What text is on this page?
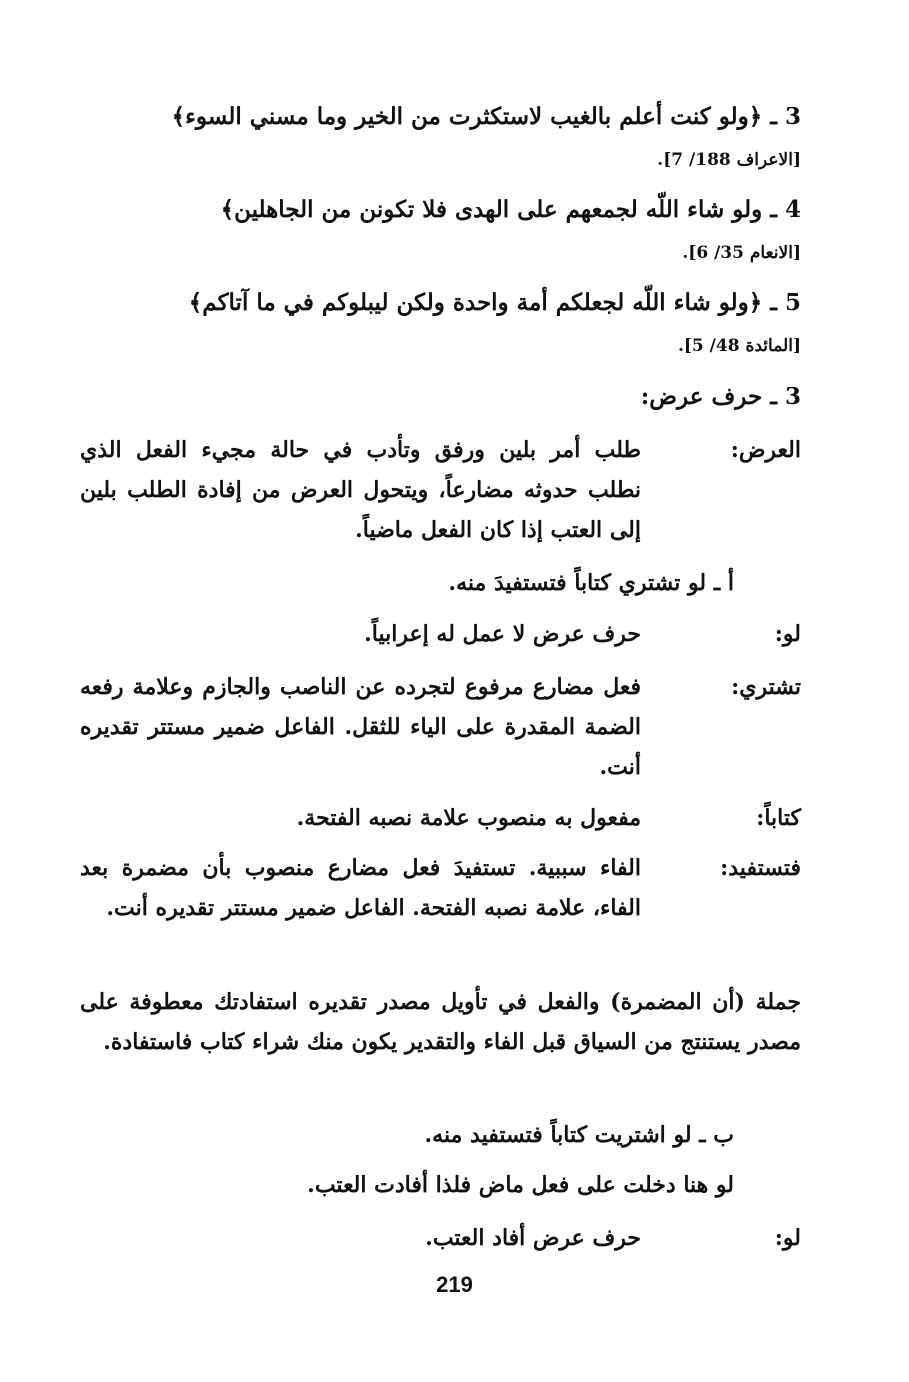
3 ـ ﴿ولو كنت أعلم بالغيب لاستكثرت من الخير وما مسني السوء﴾
[الاعراف 188/ 7].
4 ـ ولو شاء اللّه لجمعهم على الهدى فلا تكونن من الجاهلين﴾
[الانعام 35/ 6].
5 ـ ﴿ولو شاء اللّه لجعلكم أمة واحدة ولكن ليبلوكم في ما آتاكم﴾
[المائدة 48/ 5].
3 ـ حرف عرض:
العرض:
طلب أمر بلين ورفق وتأدب في حالة مجيء الفعل الذي نطلب حدوثه مضارعاً، ويتحول العرض من إفادة الطلب بلين إلى العتب إذا كان الفعل ماضياً.
أ ـ لو تشتري كتاباً فتستفيدَ منه.
لو:
حرف عرض لا عمل له إعرابياً.
تشتري:
فعل مضارع مرفوع لتجرده عن الناصب والجازم وعلامة رفعه الضمة المقدرة على الياء للثقل. الفاعل ضمير مستتر تقديره أنت.
كتاباً:
مفعول به منصوب علامة نصبه الفتحة.
فتستفيد:
الفاء سببية. تستفيدَ فعل مضارع منصوب بأن مضمرة بعد الفاء، علامة نصبه الفتحة. الفاعل ضمير مستتر تقديره أنت.
جملة (أن المضمرة) والفعل في تأويل مصدر تقديره استفادتك معطوفة على مصدر يستنتج من السياق قبل الفاء والتقدير يكون منك شراء كتاب فاستفادة.
ب ـ لو اشتريت كتاباً فتستفيد منه.
لو هنا دخلت على فعل ماض فلذا أفادت العتب.
لو:
حرف عرض أفاد العتب.
219
